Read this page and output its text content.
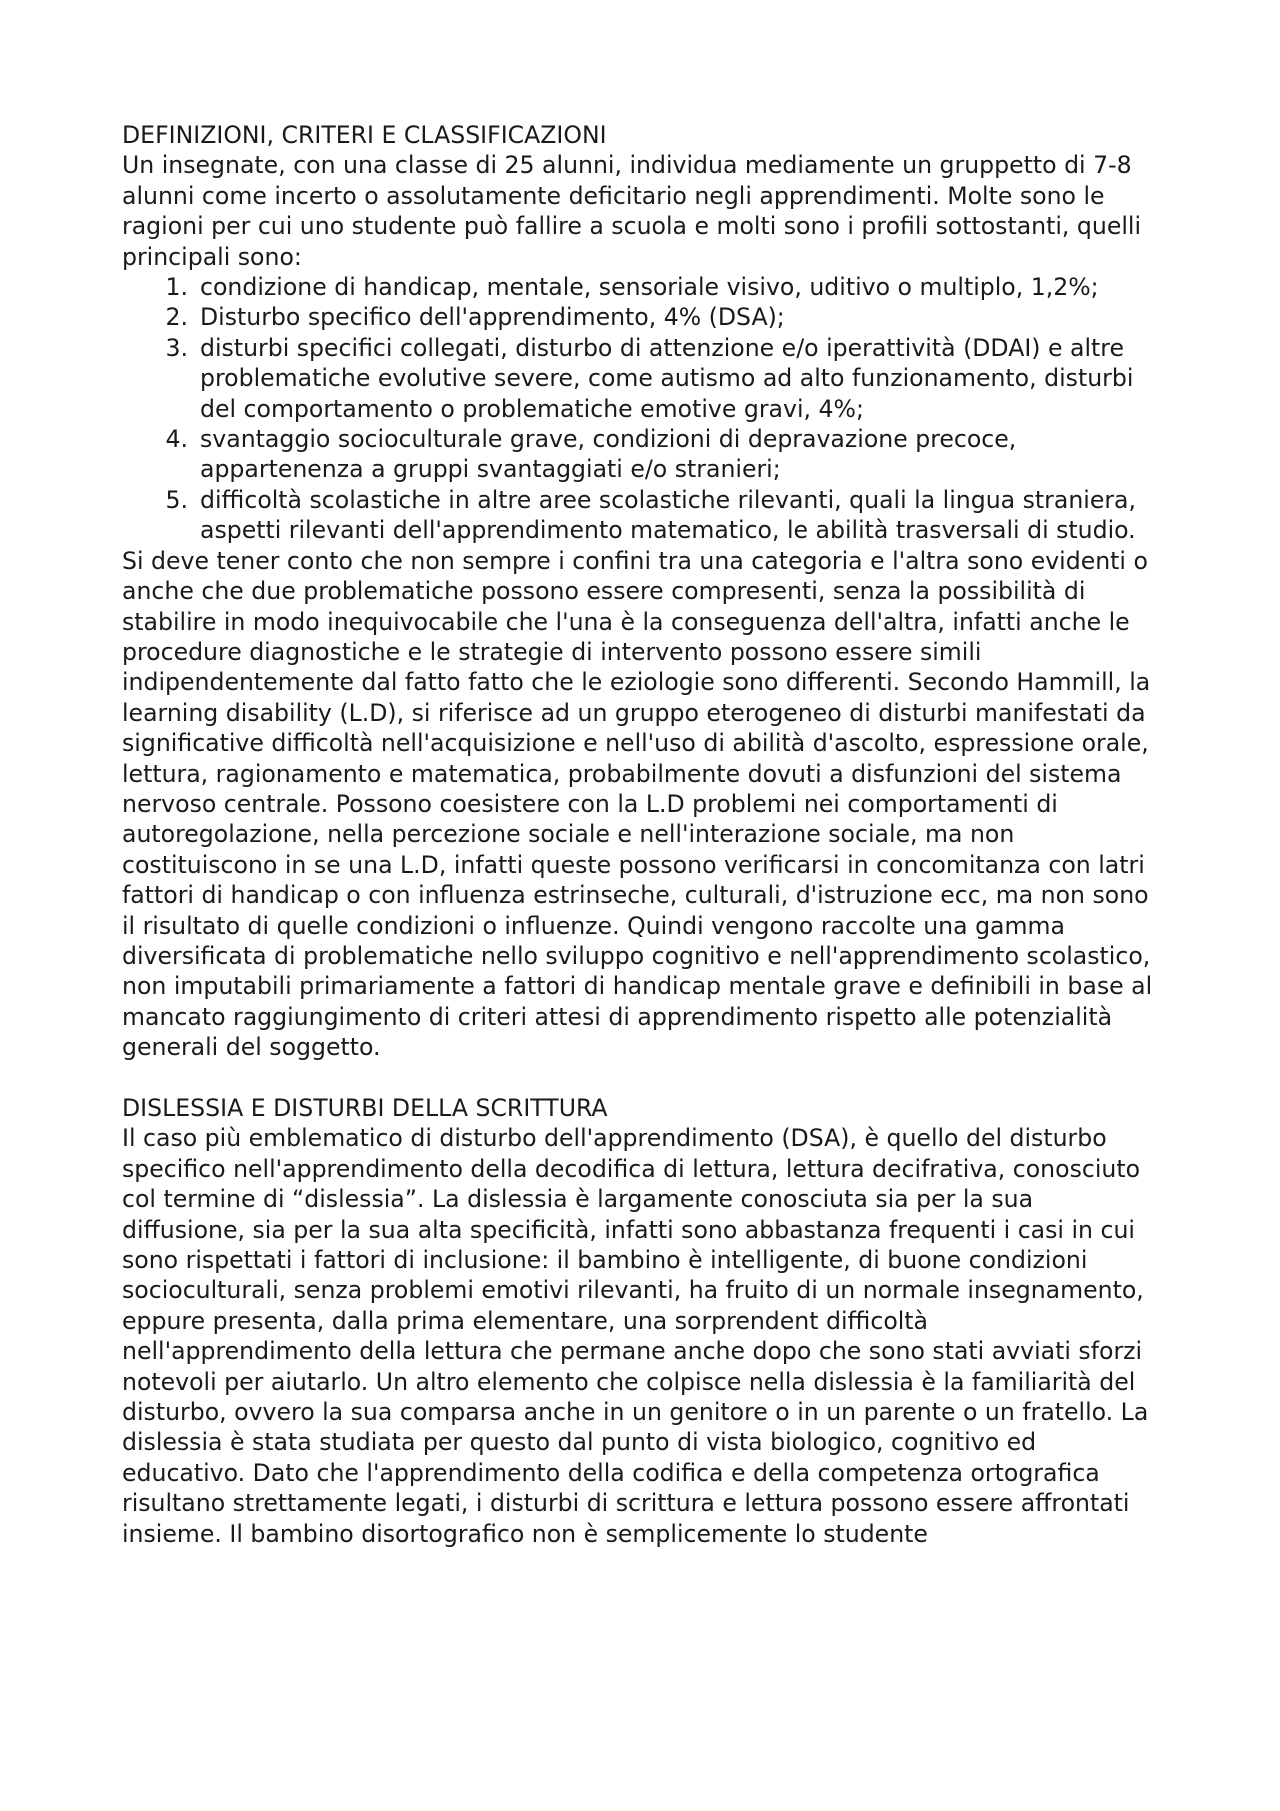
DEFINIZIONI, CRITERI E CLASSIFICAZIONI

Un insegnate, con una classe di 25 alunni, individua mediamente un gruppetto di 7-8 alunni come incerto o assolutamente deficitario negli apprendimenti. Molte sono le ragioni per cui uno studente può fallire a scuola e molti sono i profili sottostanti, quelli principali sono:

condizione di handicap, mentale, sensoriale visivo, uditivo o multiplo, 1,2%;
Disturbo specifico dell'apprendimento, 4% (DSA);
disturbi specifici collegati, disturbo di attenzione e/o iperattività (DDAI) e altre problematiche evolutive severe, come autismo ad alto funzionamento, disturbi del comportamento o problematiche emotive gravi, 4%;
svantaggio socioculturale grave, condizioni di depravazione precoce, appartenenza a gruppi svantaggiati e/o stranieri;
difficoltà scolastiche in altre aree scolastiche rilevanti, quali la lingua straniera, aspetti rilevanti dell'apprendimento matematico, le abilità trasversali di studio.

Si deve tener conto che non sempre i confini tra una categoria e l'altra sono evidenti o anche che due problematiche possono essere compresenti, senza la possibilità di stabilire in modo inequivocabile che l'una è la conseguenza dell'altra, infatti anche le procedure diagnostiche e le strategie di intervento possono essere simili indipendentemente dal fatto fatto che le eziologie sono differenti. Secondo Hammill, la learning disability (L.D), si riferisce ad un gruppo eterogeneo di disturbi manifestati da significative difficoltà nell'acquisizione e nell'uso di abilità d'ascolto, espressione orale, lettura, ragionamento e matematica, probabilmente dovuti a disfunzioni del sistema nervoso centrale. Possono coesistere con la L.D problemi nei comportamenti di autoregolazione, nella percezione sociale e nell'interazione sociale, ma non costituiscono in se una L.D, infatti queste possono verificarsi in concomitanza con latri fattori di handicap o con influenza estrinseche, culturali, d'istruzione ecc, ma non sono il risultato di quelle condizioni o influenze. Quindi vengono raccolte una gamma diversificata di problematiche nello sviluppo cognitivo e nell'apprendimento scolastico, non imputabili primariamente a fattori di handicap mentale grave e definibili in base al mancato raggiungimento di criteri attesi di apprendimento rispetto alle potenzialità generali del soggetto.

DISLESSIA E DISTURBI DELLA SCRITTURA

Il caso più emblematico di disturbo dell'apprendimento (DSA), è quello del disturbo specifico nell'apprendimento della decodifica di lettura, lettura decifrativa, conosciuto col termine di “dislessia”. La dislessia è largamente conosciuta sia per la sua diffusione, sia per la sua alta specificità, infatti sono abbastanza frequenti i casi in cui sono rispettati i fattori di inclusione: il bambino è intelligente, di buone condizioni socioculturali, senza problemi emotivi rilevanti, ha fruito di un normale insegnamento, eppure presenta, dalla prima elementare, una sorprendent difficoltà nell'apprendimento della lettura che permane anche dopo che sono stati avviati sforzi notevoli per aiutarlo. Un altro elemento che colpisce nella dislessia è la familiarità del disturbo, ovvero la sua comparsa anche in un genitore o in un parente o un fratello. La dislessia è stata studiata per questo dal punto di vista biologico, cognitivo ed educativo. Dato che l'apprendimento della codifica e della competenza ortografica risultano strettamente legati, i disturbi di scrittura e lettura possono essere affrontati insieme. Il bambino disortografico non è semplicemente lo studente
